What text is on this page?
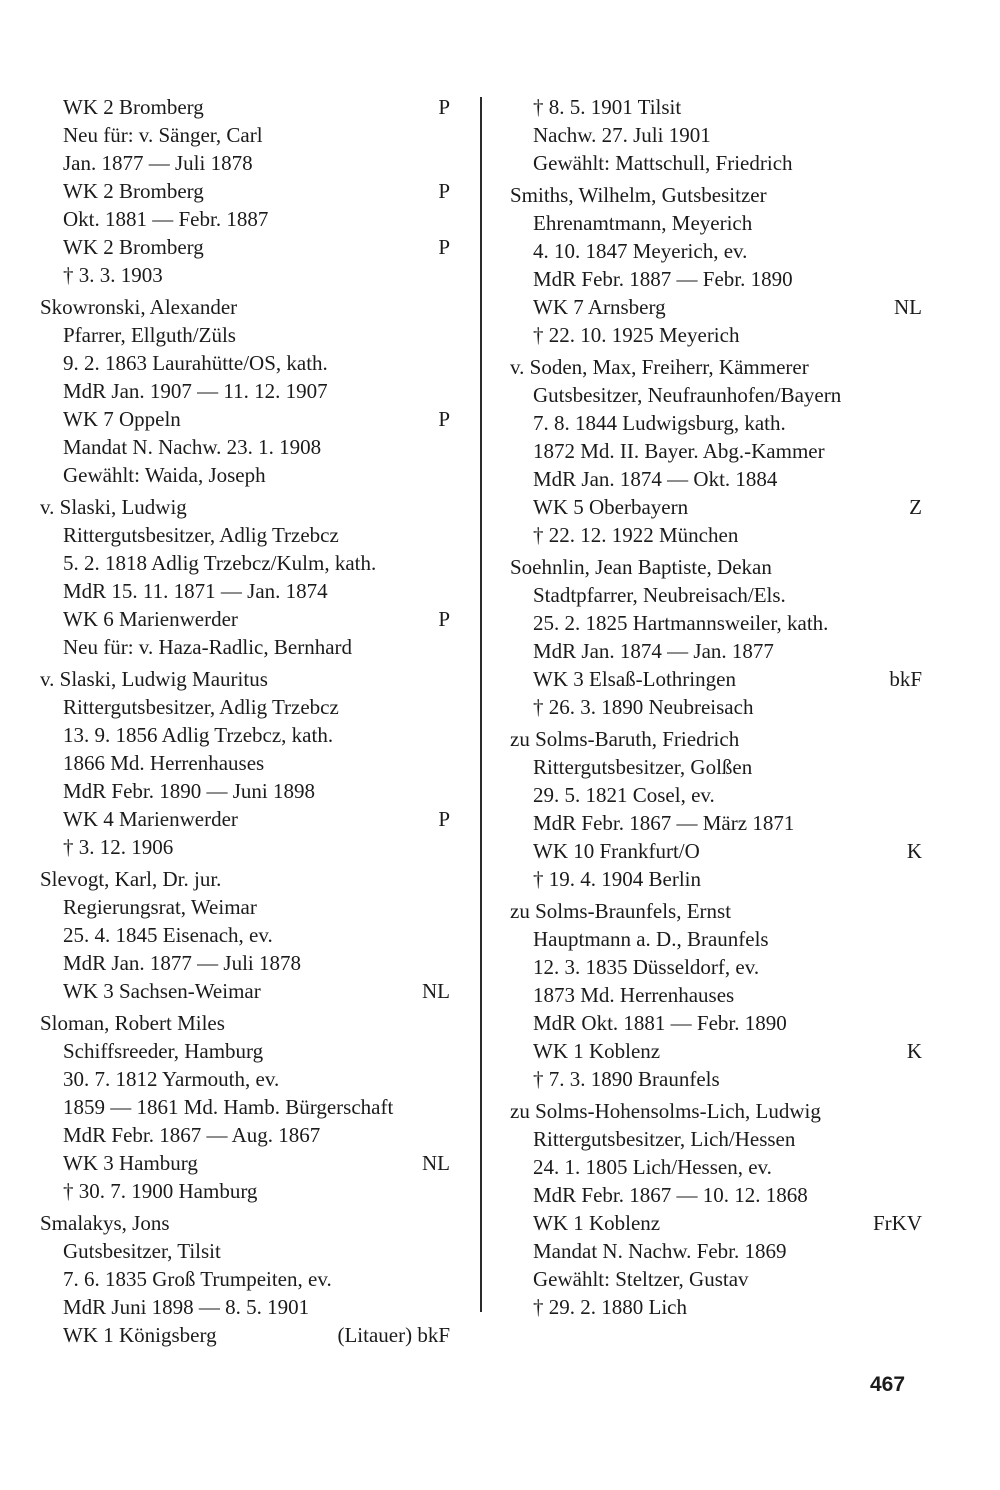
WK 2 Bromberg	P
Neu für: v. Sänger, Carl
Jan. 1877 — Juli 1878
WK 2 Bromberg	P
Okt. 1881 — Febr. 1887
WK 2 Bromberg	P
† 3. 3. 1903
Skowronski, Alexander
Pfarrer, Ellguth/Züls
9. 2. 1863 Laurahütte/OS, kath.
MdR Jan. 1907 — 11. 12. 1907
WK 7 Oppeln	P
Mandat N. Nachw. 23. 1. 1908
Gewählt: Waida, Joseph
v. Slaski, Ludwig
Rittergutsbesitzer, Adlig Trzebcz
5. 2. 1818 Adlig Trzebcz/Kulm, kath.
MdR 15. 11. 1871 — Jan. 1874
WK 6 Marienwerder	P
Neu für: v. Haza-Radlic, Bernhard
v. Slaski, Ludwig Mauritus
Rittergutsbesitzer, Adlig Trzebcz
13. 9. 1856 Adlig Trzebcz, kath.
1866 Md. Herrenhauses
MdR Febr. 1890 — Juni 1898
WK 4 Marienwerder	P
† 3. 12. 1906
Slevogt, Karl, Dr. jur.
Regierungsrat, Weimar
25. 4. 1845 Eisenach, ev.
MdR Jan. 1877 — Juli 1878
WK 3 Sachsen-Weimar	NL
Sloman, Robert Miles
Schiffsreeder, Hamburg
30. 7. 1812 Yarmouth, ev.
1859 — 1861 Md. Hamb. Bürgerschaft
MdR Febr. 1867 — Aug. 1867
WK 3 Hamburg	NL
† 30. 7. 1900 Hamburg
Smalakys, Jons
Gutsbesitzer, Tilsit
7. 6. 1835 Groß Trumpeiten, ev.
MdR Juni 1898 — 8. 5. 1901
WK 1 Königsberg	(Litauer) bkF
† 8. 5. 1901 Tilsit
Nachw. 27. Juli 1901
Gewählt: Mattschull, Friedrich
Smiths, Wilhelm, Gutsbesitzer
Ehrenamtmann, Meyerich
4. 10. 1847 Meyerich, ev.
MdR Febr. 1887 — Febr. 1890
WK 7 Arnsberg	NL
† 22. 10. 1925 Meyerich
v. Soden, Max, Freiherr, Kämmerer
Gutsbesitzer, Neufraunhofen/Bayern
7. 8. 1844 Ludwigsburg, kath.
1872 Md. II. Bayer. Abg.-Kammer
MdR Jan. 1874 — Okt. 1884
WK 5 Oberbayern	Z
† 22. 12. 1922 München
Soehnlin, Jean Baptiste, Dekan
Stadtpfarrer, Neubreisach/Els.
25. 2. 1825 Hartmannsweiler, kath.
MdR Jan. 1874 — Jan. 1877
WK 3 Elsaß-Lothringen	bkF
† 26. 3. 1890 Neubreisach
zu Solms-Baruth, Friedrich
Rittergutsbesitzer, Golßen
29. 5. 1821 Cosel, ev.
MdR Febr. 1867 — März 1871
WK 10 Frankfurt/O	K
† 19. 4. 1904 Berlin
zu Solms-Braunfels, Ernst
Hauptmann a. D., Braunfels
12. 3. 1835 Düsseldorf, ev.
1873 Md. Herrenhauses
MdR Okt. 1881 — Febr. 1890
WK 1 Koblenz	K
† 7. 3. 1890 Braunfels
zu Solms-Hohensolms-Lich, Ludwig
Rittergutsbesitzer, Lich/Hessen
24. 1. 1805 Lich/Hessen, ev.
MdR Febr. 1867 — 10. 12. 1868
WK 1 Koblenz	FrKV
Mandat N. Nachw. Febr. 1869
Gewählt: Steltzer, Gustav
† 29. 2. 1880 Lich
467
